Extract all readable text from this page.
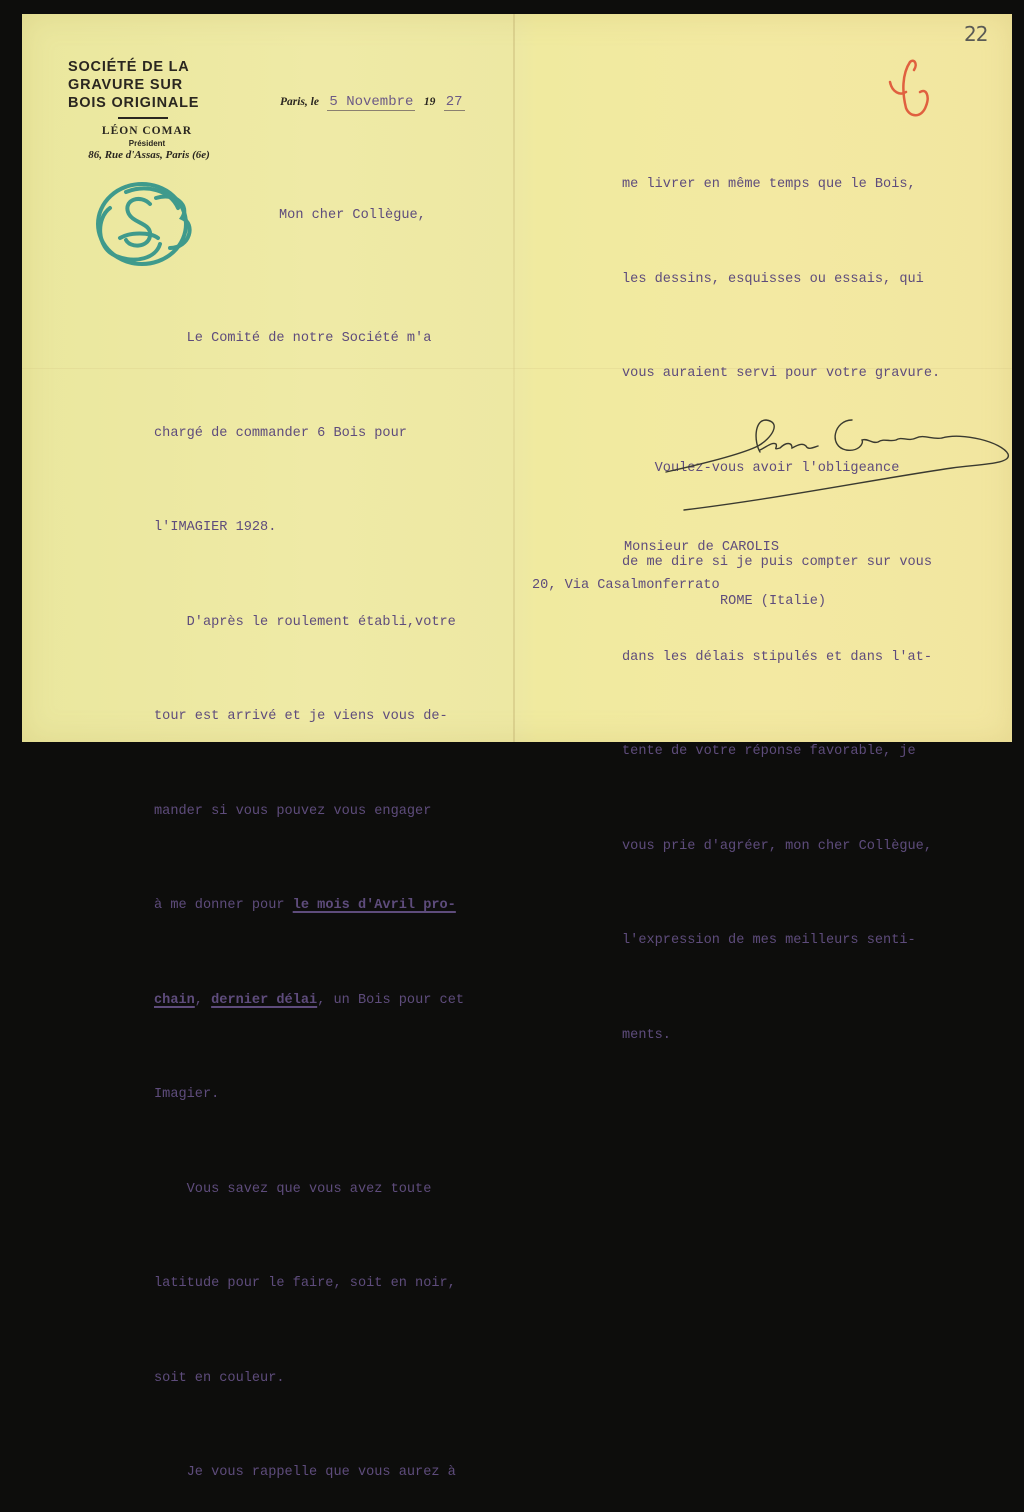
SOCIÉTÉ DE LA
GRAVURE SUR
BOIS ORIGINALE
LÉON COMAR
Président
86, Rue d'Assas, Paris (6e)
Paris, le 5 Novembre 19 27
22
Mon cher Collègue,

Le Comité de notre Société m'a

chargé de commander 6 Bois pour

l'IMAGIER 1928.

D'après le roulement établi,votre

tour est arrivé et je viens vous de-

mander si vous pouvez vous engager

à me donner pour le mois d'Avril pro-

chain, dernier délai, un Bois pour cet

Imagier.

Vous savez que vous avez toute

latitude pour le faire, soit en noir,

soit en couleur.

Je vous rappelle que vous aurez à

me livrer en même temps que le Bois,

les dessins, esquisses ou essais, qui

vous auraient servi pour votre gravure.

Voulez-vous avoir l'obligeance

de me dire si je puis compter sur vous

dans les délais stipulés et dans l'at-

tente de votre réponse favorable, je

vous prie d'agréer, mon cher Collègue,

l'expression de mes meilleurs senti-

ments.

Monsieur de CAROLIS
20, Via Casalmonferrato
ROME (Italie)
